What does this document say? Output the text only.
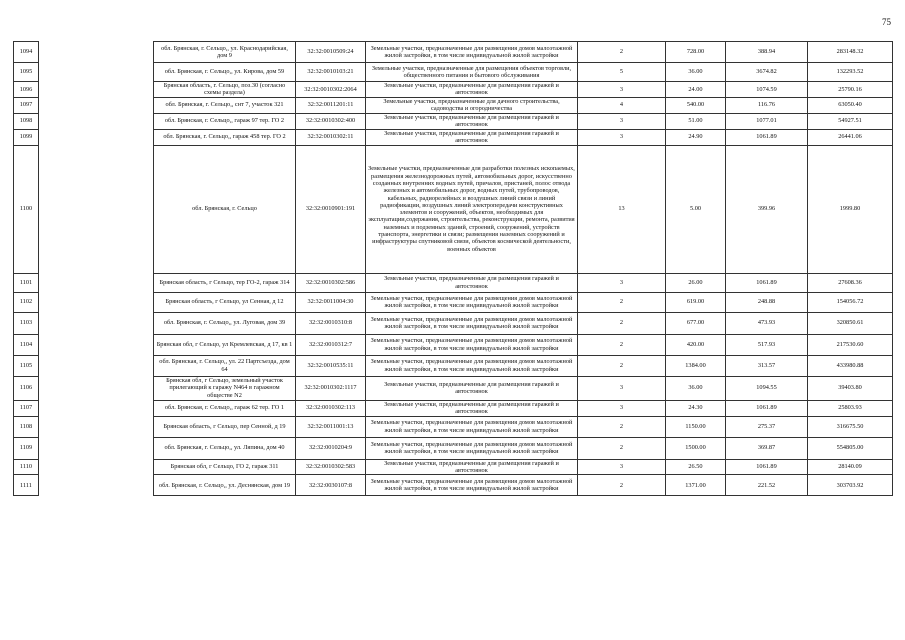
75
1094		обл. Брянская, г. Сельцо,, ул. Краснодарийская, дом 9	32:32:0010509:24	Земельные участки, предназначенные для размещения домов малоэтажной жилой застройки, в том числе индивидуальной жилой застройки	2	728.00	388.94	283148.32
1095		обл. Брянская, г. Сельцо,, ул. Кирова, дом 59	32:32:0010103:21	Земельные участки, предназначенные для размещения объектов торговли, общественного питания и бытового обслуживания	5	36.00	3674.82	132293.52
1096		Брянская область, г. Сельцо, поз.30 (согласно схемы раздела)	32:32:0010302:2064	Земельные участки, предназначенные для размещения гаражей и автостоянок	3	24.00	1074.59	25790.16
1097		обл. Брянская, г. Сельцо,, снт 7, участок 321	32:32:0011201:11	Земельные участки, предназначенные для дачного строительства, садоводства и огородничества	4	540.00	116.76	63050.40
1098		обл. Брянская, г. Сельцо,, гараж 97 тер. ГО 2	32:32:0010302:400	Земельные участки, предназначенные для размещения гаражей и автостоянок	3	51.00	1077.01	54927.51
1099		обл. Брянская, г. Сельцо,, гараж 458 тер. ГО 2	32:32:0010302:11	Земельные участки, предназначенные для размещения гаражей и автостоянок	3	24.90	1061.89	26441.06
1100		обл. Брянская, г. Сельцо	32:32:0010901:191	Земельные участки, предназначенные для разработки полезных ископаемых, размещения железнодорожных путей, автомобильных дорог, искусственно созданных внутренних водных путей, причалов, пристаней, полос отвода железных и автомобильных дорог, водных путей, трубопроводов, кабельных, радиорелейных и воздушных линий связи и линий радиофикации, воздушных линий электропередачи конструктивных элементов и сооружений, объектов, необходимых для эксплуатации,содержания, строительства, реконструкции, ремонта, развития наземных и подземных зданий, строений, сооружений, устройств транспорта, энергетики и связи; размещения наземных сооружений и инфраструктуры спутниковой связи, объектов космической деятельности, военных объектов	13	5.00	399.96	1999.80
1101		Брянская область, г Сельцо, тер ГО-2, гараж 314	32:32:0010302:586	Земельные участки, предназначенные для размещения гаражей и автостоянок	3	26.00	1061.89	27608.36
1102		Брянская область, г Сельцо, ул Сенная, д 12	32:32:0011004:30	Земельные участки, предназначенные для размещения домов малоэтажной жилой застройки, в том числе индивидуальной жилой застройки	2	619.00	248.88	154056.72
1103		обл. Брянская, г. Сельцо,, ул. Луговая, дом 39	32:32:0010310:8	Земельные участки, предназначенные для размещения домов малоэтажной жилой застройки, в том числе индивидуальной жилой застройки	2	677.00	473.93	320850.61
1104		Брянская обл, г Сельцо, ул Кремлевская, д 17, кв 1	32:32:0010312:7	Земельные участки, предназначенные для размещения домов малоэтажной жилой застройки, в том числе индивидуальной жилой застройки	2	420.00	517.93	217530.60
1105		обл. Брянская, г. Сельцо,, ул. 22 Партсъезда, дом 64	32:32:0010535:11	Земельные участки, предназначенные для размещения домов малоэтажной жилой застройки, в том числе индивидуальной жилой застройки	2	1384.00	313.57	433980.88
1106		Брянская обл, г Сельцо, земельный участок прилегающий к гаражу N464 в гаражном обществе N2	32:32:0010302:1117	Земельные участки, предназначенные для размещения гаражей и автостоянок	3	36.00	1094.55	39403.80
1107		обл. Брянская, г. Сельцо,, гараж 62 тер. ГО 1	32:32:0010302:113	Земельные участки, предназначенные для размещения гаражей и автостоянок	3	24.30	1061.89	25803.93
1108		Брянская область, г Сельцо, пер Сенной, д 19	32:32:0011001:13	Земельные участки, предназначенные для размещения домов малоэтажной жилой застройки, в том числе индивидуальной жилой застройки	2	1150.00	275.37	316675.50
1109		обл. Брянская, г. Сельцо,, ул. Ляпина, дом 40	32:32:0010204:9	Земельные участки, предназначенные для размещения домов малоэтажной жилой застройки, в том числе индивидуальной жилой застройки	2	1500.00	369.87	554805.00
1110		Брянская обл, г Сельцо, ГО 2, гараж 311	32:32:0010302:583	Земельные участки, предназначенные для размещения гаражей и автостоянок	3	26.50	1061.89	28140.09
1111		обл. Брянская, г. Сельцо,, ул. Деснянская, дом 19	32:32:0030107:8	Земельные участки, предназначенные для размещения домов малоэтажной жилой застройки, в том числе индивидуальной жилой застройки	2	1371.00	221.52	303703.92
